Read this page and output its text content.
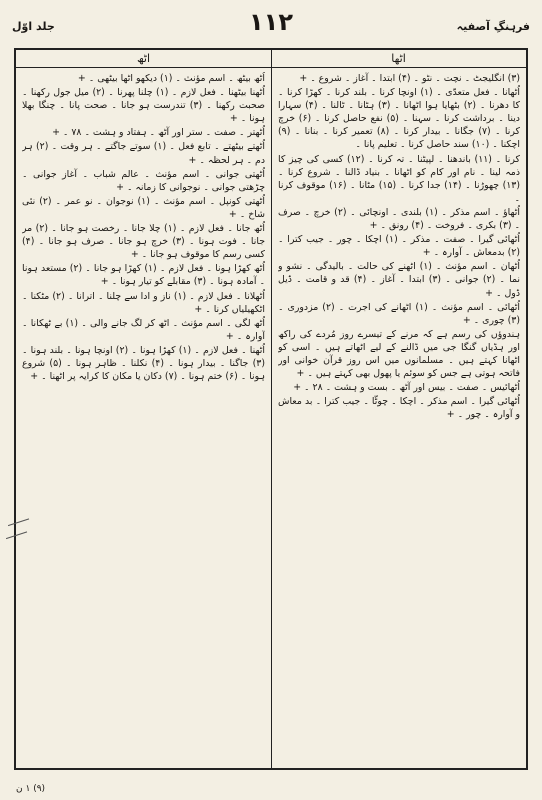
فرہنگِ آصفیہ
۱۱۲
جلد اوّل
اٹھ	اٹھا

(۳) انگلیجٹ ۔ نچت ۔ نٹو ۔ (۴) ابتدا ۔ آغاز ۔ شروع ۔ +

اُٹھانا ۔ فعل متعدّی ۔ (۱) اونچا کرنا ۔ بلند کرنا ۔ کھڑا کرنا ۔ کا دھرنا ۔ (۲) بٹھایا ہوا اٹھانا ۔ (۳) ہٹانا ۔ ٹالنا ۔ (۴) سہارا دینا ۔ برداشت کرنا ۔ سہنا ۔ (۵) نفع حاصل کرنا ۔ (۶) خرچ کرنا ۔ (۷) جگانا ۔ بیدار کرنا ۔ (۸) تعمیر کرنا ۔ بنانا ۔ (۹) اچکنا ۔ (۱۰) سند حاصل کرنا ۔ تعلیم پانا ۔

کرنا ۔ (۱۱) باندھنا ۔ لپیٹنا ۔ تہ کرنا ۔ (۱۲) کسی کی چیز کا ذمہ لینا ۔ نام اور کام کو اٹھانا ۔ بنیاد ڈالنا ۔ شروع کرنا ۔ (۱۳) چھوڑنا ۔ (۱۴) جدا کرنا ۔ (۱۵) مٹانا ۔ (۱۶) موقوف کرنا ۔

اُٹھاؤ ۔ اسم مذکر ۔ (۱) بلندی ۔ اونچائی ۔ (۲) خرچ ۔ صرف ۔ (۳) بکری ۔ فروخت ۔ (۴) رونق ۔ +

اُٹھائی گیرا ۔ صفت ۔ مذکر ۔ (۱) اچکا ۔ چور ۔ جیب کترا ۔ (۲) بدمعاش ۔ آوارہ ۔ +

اُٹھان ۔ اسم مؤنث ۔ (۱) اٹھنے کی حالت ۔ بالیدگی ۔ نشو و نما ۔ (۲) جوانی ۔ (۳) ابتدا ۔ آغاز ۔ (۴) قد و قامت ۔ ڈیل ڈول ۔ +

اُٹھائی ۔ اسم مؤنث ۔ (۱) اٹھانے کی اجرت ۔ (۲) مزدوری ۔ (۳) چوری ۔ +

ہندوؤں کی رسم ہے کہ مرنے کے تیسرے روز مُردے کی راکھ اور ہڈیاں گنگا جی میں ڈالنے کے لیے اٹھاتے ہیں ۔ اسی کو اٹھانا کہتے ہیں ۔ مسلمانوں میں اس روز قرآن خوانی اور فاتحہ ہوتی ہے جس کو سوئم یا پھول بھی کہتے ہیں ۔ +

اُٹھائیس ۔ صفت ۔ بیس اور آٹھ ۔ بست و ہشت ۔ ۲۸ ۔ +

اُٹھائی گیرا ۔ اسم مذکر ۔ اچکا ۔ چوٹّا ۔ جیب کترا ۔ بد معاش و آوارہ ۔ چور ۔ +

اُٹھ بیٹھ ۔ اسم مؤنث ۔ (۱) دیکھو اٹھا بیٹھی ۔ +

اُٹھنا بیٹھنا ۔ فعل لازم ۔ (۱) چلنا پھرنا ۔ (۲) میل جول رکھنا ۔ صحبت رکھنا ۔ (۳) تندرست ہو جانا ۔ صحت پانا ۔ چنگا بھلا ہونا ۔ +

اُٹھتر ۔ صفت ۔ ستر اور آٹھ ۔ ہفتاد و ہشت ۔ ۷۸ ۔ +

اُٹھتے بیٹھتے ۔ تابع فعل ۔ (۱) سوتے جاگتے ۔ ہر وقت ۔ (۲) ہر دم ۔ ہر لحظہ ۔ +

اُٹھتی جوانی ۔ اسم مؤنث ۔ عالم شباب ۔ آغاز جوانی ۔ چڑھتی جوانی ۔ نوجوانی کا زمانہ ۔ +

اُٹھتی کونپل ۔ اسم مؤنث ۔ (۱) نوجوان ۔ نو عمر ۔ (۲) نئی شاخ ۔ +

اُٹھ جانا ۔ فعل لازم ۔ (۱) چلا جانا ۔ رخصت ہو جانا ۔ (۲) مر جانا ۔ فوت ہونا ۔ (۳) خرچ ہو جانا ۔ صرف ہو جانا ۔ (۴) کسی رسم کا موقوف ہو جانا ۔ +

اُٹھ کھڑا ہونا ۔ فعل لازم ۔ (۱) کھڑا ہو جانا ۔ (۲) مستعد ہونا ۔ آمادہ ہونا ۔ (۳) مقابلے کو تیار ہونا ۔ +

اُٹھلانا ۔ فعل لازم ۔ (۱) ناز و ادا سے چلنا ۔ اترانا ۔ (۲) مٹکنا ۔ اٹکھیلیاں کرنا ۔ +

اُٹھ لگی ۔ اسم مؤنث ۔ اٹھ کر لگ جانے والی ۔ (۱) بے ٹھکانا ۔ آوارہ ۔ +

اُٹھنا ۔ فعل لازم ۔ (۱) کھڑا ہونا ۔ (۲) اونچا ہونا ۔ بلند ہونا ۔ (۳) جاگنا ۔ بیدار ہونا ۔ (۴) نکلنا ۔ ظاہر ہونا ۔ (۵) شروع ہونا ۔ (۶) ختم ہونا ۔ (۷) دکان یا مکان کا کرایہ پر اٹھنا ۔ +

(۹) ۱ ن
